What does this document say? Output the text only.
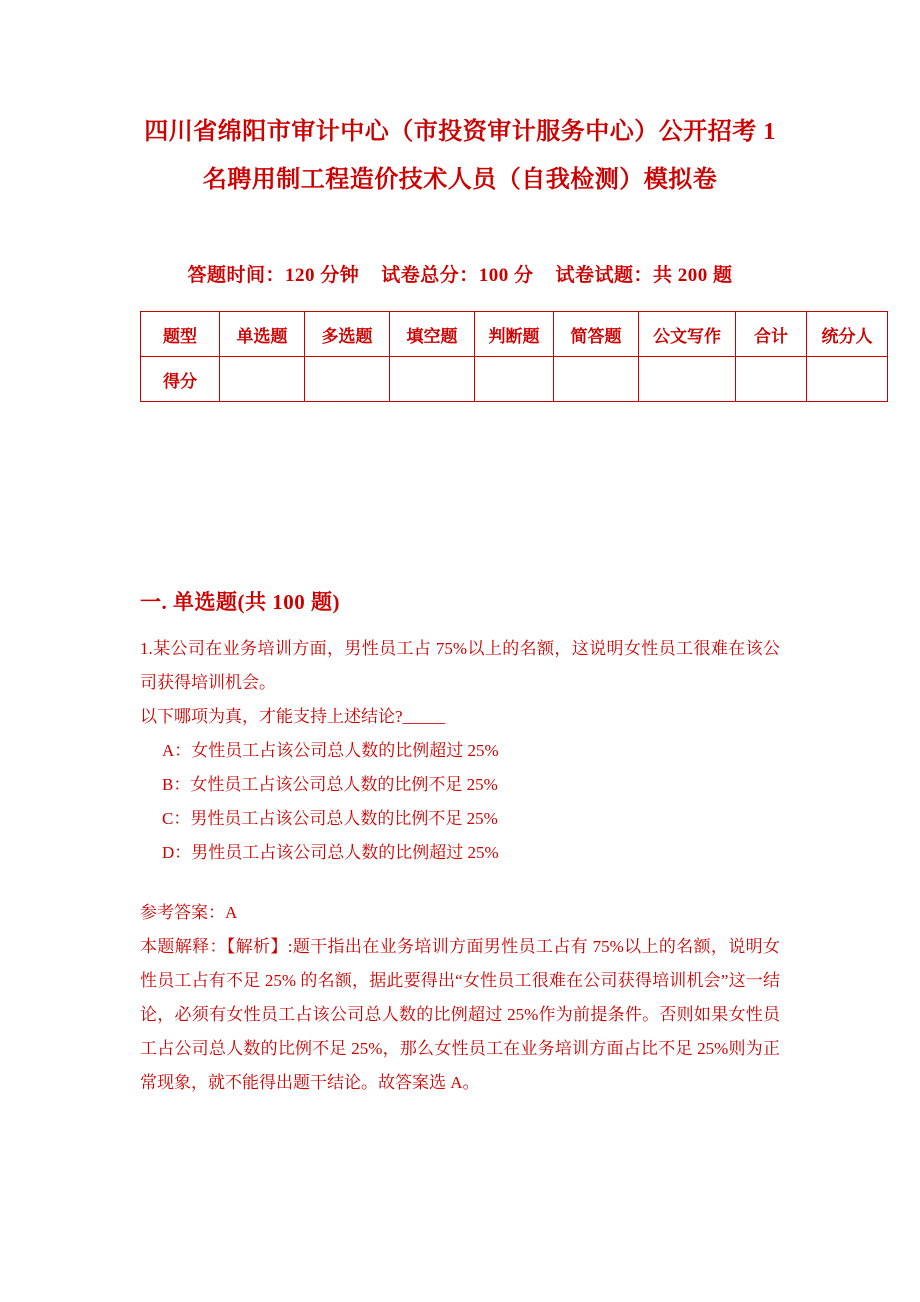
四川省绵阳市审计中心（市投资审计服务中心）公开招考 1 名聘用制工程造价技术人员（自我检测）模拟卷
答题时间：120 分钟 试卷总分：100 分 试卷试题：共 200 题
题型	单选题	多选题	填空题	判断题	简答题	公文写作	合计	统分人
得分								
一. 单选题(共 100 题)
1.某公司在业务培训方面，男性员工占 75%以上的名额，这说明女性员工很难在该公司获得培训机会。
以下哪项为真，才能支持上述结论?_____
A：女性员工占该公司总人数的比例超过 25%
B：女性员工占该公司总人数的比例不足 25%
C：男性员工占该公司总人数的比例不足 25%
D：男性员工占该公司总人数的比例超过 25%
参考答案：A
本题解释：【解析】:题干指出在业务培训方面男性员工占有 75%以上的名额，说明女性员工占有不足 25% 的名额，据此要得出“女性员工很难在公司获得培训机会”这一结论，必须有女性员工占该公司总人数的比例超过 25%作为前提条件。否则如果女性员工占公司总人数的比例不足 25%，那么女性员工在业务培训方面占比不足 25%则为正常现象，就不能得出题干结论。故答案选 A。
